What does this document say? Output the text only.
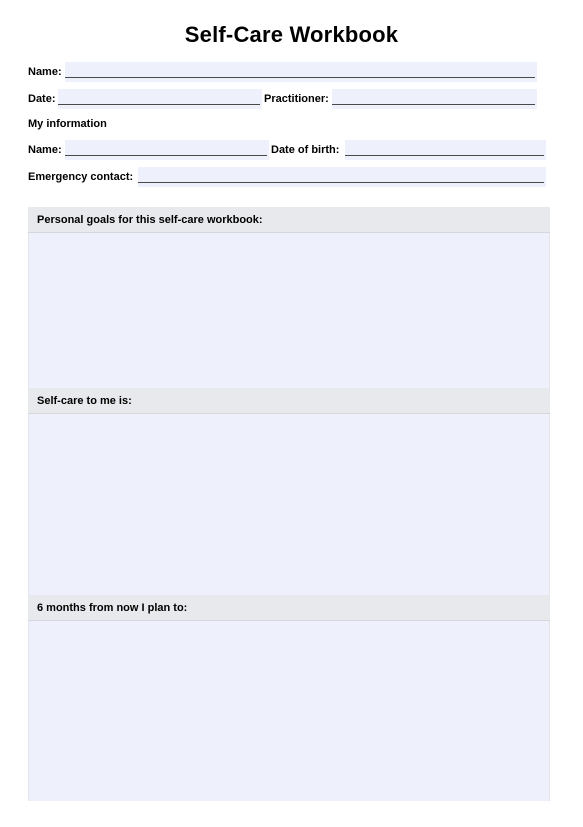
Self-Care Workbook
Name:
Date:	Practitioner:
My information
Name:	Date of birth:
Emergency contact:
Personal goals for this self-care workbook:
Self-care to me is:
6 months from now I plan to:
